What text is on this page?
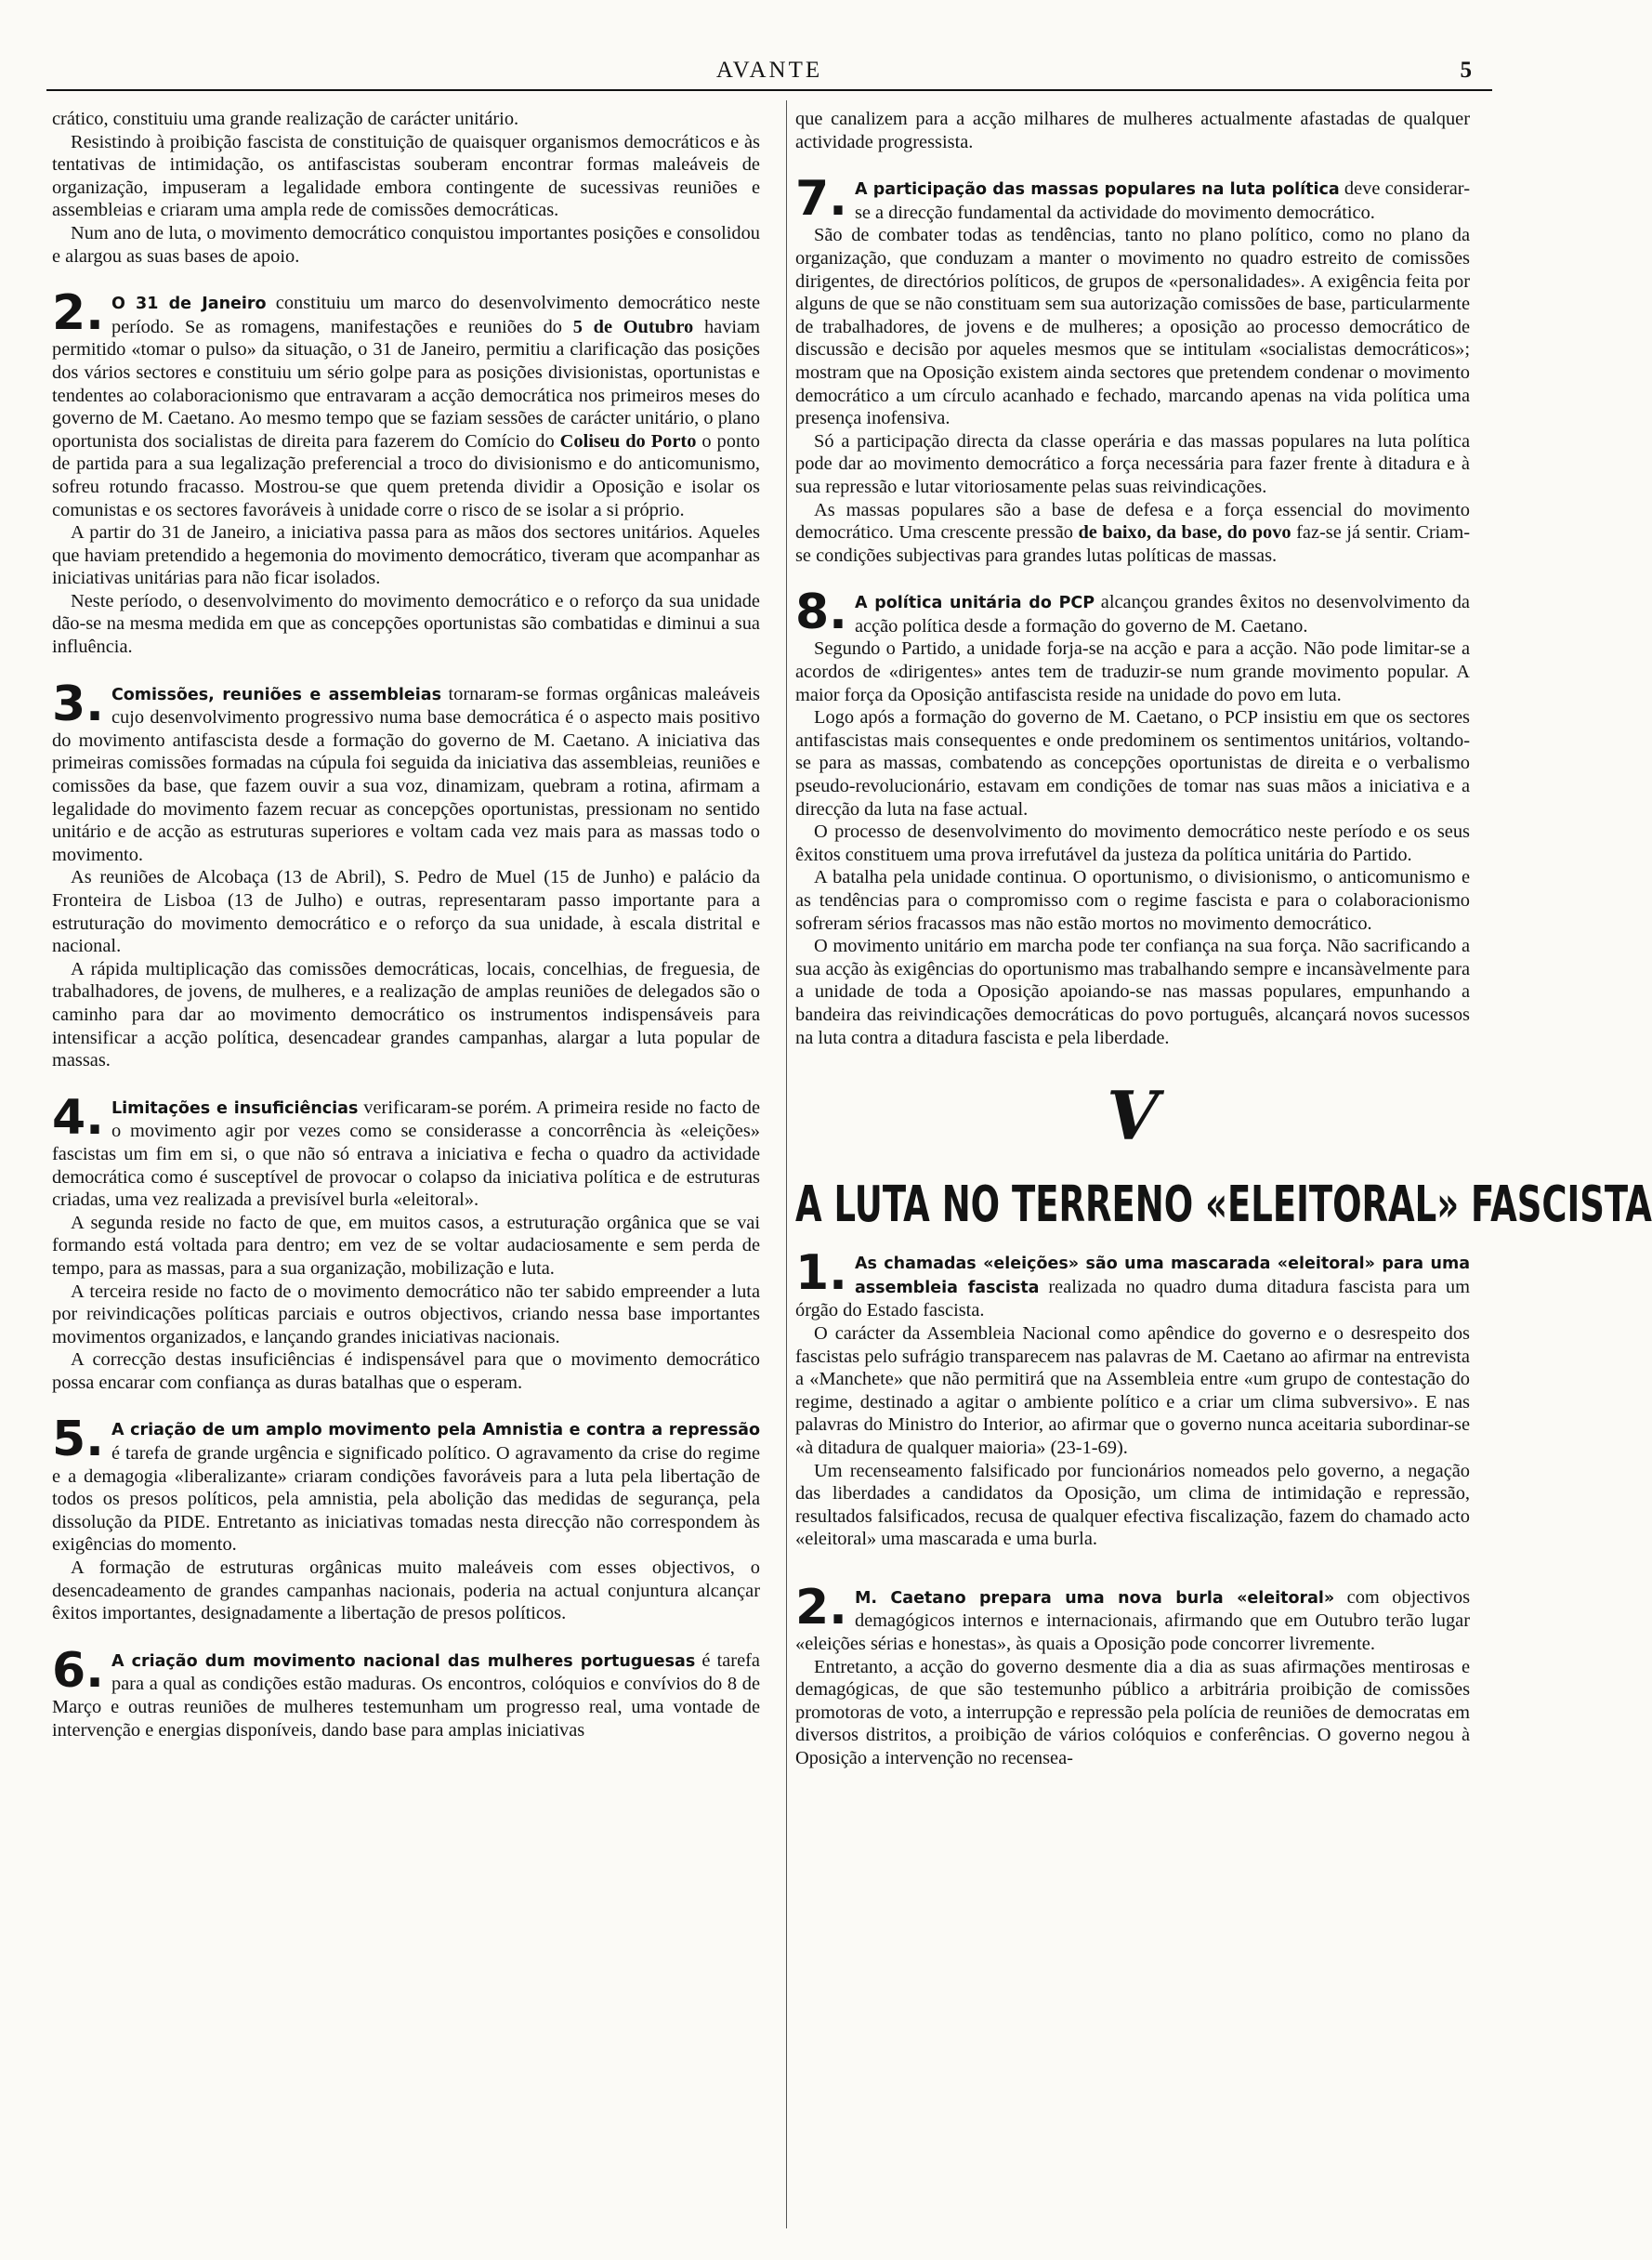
AVANTE	5

crático, constituiu uma grande realização de carácter unitário.

Resistindo à proibição fascista de constituição de quaisquer organismos democráticos e às tentativas de intimidação, os antifascistas souberam encontrar formas maleáveis de organização, impuseram a legalidade embora contingente de sucessivas reuniões e assembleias e criaram uma ampla rede de comissões democráticas.

Num ano de luta, o movimento democrático conquistou importantes posições e consolidou e alargou as suas bases de apoio.

2. O 31 de Janeiro constituiu um marco do desenvolvimento democrático neste período. Se as romagens, manifestações e reuniões do 5 de Outubro haviam permitido «tomar o pulso» da situação, o 31 de Janeiro, permitiu a clarificação das posições dos vários sectores e constituiu um sério golpe para as posições divisionistas, oportunistas e tendentes ao colaboracionismo que entravaram a acção democrática nos primeiros meses do governo de M. Caetano. Ao mesmo tempo que se faziam sessões de carácter unitário, o plano oportunista dos socialistas de direita para fazerem do Comício do Coliseu do Porto o ponto de partida para a sua legalização preferencial a troco do divisionismo e do anticomunismo, sofreu rotundo fracasso. Mostrou-se que quem pretenda dividir a Oposição e isolar os comunistas e os sectores favoráveis à unidade corre o risco de se isolar a si próprio.

A partir do 31 de Janeiro, a iniciativa passa para as mãos dos sectores unitários. Aqueles que haviam pretendido a hegemonia do movimento democrático, tiveram que acompanhar as iniciativas unitárias para não ficar isolados.

Neste período, o desenvolvimento do movimento democrático e o reforço da sua unidade dão-se na mesma medida em que as concepções oportunistas são combatidas e diminui a sua influência.

3. Comissões, reuniões e assembleias tornaram-se formas orgânicas maleáveis cujo desenvolvimento progressivo numa base democrática é o aspecto mais positivo do movimento antifascista desde a formação do governo de M. Caetano. A iniciativa das primeiras comissões formadas na cúpula foi seguida da iniciativa das assembleias, reuniões e comissões da base, que fazem ouvir a sua voz, dinamizam, quebram a rotina, afirmam a legalidade do movimento fazem recuar as concepções oportunistas, pressionam no sentido unitário e de acção as estruturas superiores e voltam cada vez mais para as massas todo o movimento.

As reuniões de Alcobaça (13 de Abril), S. Pedro de Muel (15 de Junho) e palácio da Fronteira de Lisboa (13 de Julho) e outras, representaram passo importante para a estruturação do movimento democrático e o reforço da sua unidade, à escala distrital e nacional.

A rápida multiplicação das comissões democráticas, locais, concelhias, de freguesia, de trabalhadores, de jovens, de mulheres, e a realização de amplas reuniões de delegados são o caminho para dar ao movimento democrático os instrumentos indispensáveis para intensificar a acção política, desencadear grandes campanhas, alargar a luta popular de massas.

4. Limitações e insuficiências verificaram-se porém. A primeira reside no facto de o movimento agir por vezes como se considerasse a concorrência às «eleições» fascistas um fim em si, o que não só entrava a iniciativa e fecha o quadro da actividade democrática como é susceptível de provocar o colapso da iniciativa política e de estruturas criadas, uma vez realizada a previsível burla «eleitoral».

A segunda reside no facto de que, em muitos casos, a estruturação orgânica que se vai formando está voltada para dentro; em vez de se voltar audaciosamente e sem perda de tempo, para as massas, para a sua organização, mobilização e luta.

A terceira reside no facto de o movimento democrático não ter sabido empreender a luta por reivindicações políticas parciais e outros objectivos, criando nessa base importantes movimentos organizados, e lançando grandes iniciativas nacionais.

A correcção destas insuficiências é indispensável para que o movimento democrático possa encarar com confiança as duras batalhas que o esperam.

5. A criação de um amplo movimento pela Amnistia e contra a repressão é tarefa de grande urgência e significado político. O agravamento da crise do regime e a demagogia «liberalizante» criaram condições favoráveis para a luta pela libertação de todos os presos políticos, pela amnistia, pela abolição das medidas de segurança, pela dissolução da PIDE. Entretanto as iniciativas tomadas nesta direcção não correspondem às exigências do momento.

A formação de estruturas orgânicas muito maleáveis com esses objectivos, o desencadeamento de grandes campanhas nacionais, poderia na actual conjuntura alcançar êxitos importantes, designadamente a libertação de presos políticos.

6. A criação dum movimento nacional das mulheres portuguesas é tarefa para a qual as condições estão maduras. Os encontros, colóquios e convívios do 8 de Março e outras reuniões de mulheres testemunham um progresso real, uma vontade de intervenção e energias disponíveis, dando base para amplas iniciativas

que canalizem para a acção milhares de mulheres actualmente afastadas de qualquer actividade progressista.

7. A participação das massas populares na luta política deve considerar-se a direcção fundamental da actividade do movimento democrático.

São de combater todas as tendências, tanto no plano político, como no plano da organização, que conduzam a manter o movimento no quadro estreito de comissões dirigentes, de directórios políticos, de grupos de «personalidades». A exigência feita por alguns de que se não constituam sem sua autorização comissões de base, particularmente de trabalhadores, de jovens e de mulheres; a oposição ao processo democrático de discussão e decisão por aqueles mesmos que se intitulam «socialistas democráticos»; mostram que na Oposição existem ainda sectores que pretendem condenar o movimento democrático a um círculo acanhado e fechado, marcando apenas na vida política uma presença inofensiva.

Só a participação directa da classe operária e das massas populares na luta política pode dar ao movimento democrático a força necessária para fazer frente à ditadura e à sua repressão e lutar vitoriosamente pelas suas reivindicações.

As massas populares são a base de defesa e a força essencial do movimento democrático. Uma crescente pressão de baixo, da base, do povo faz-se já sentir. Criam-se condições subjectivas para grandes lutas políticas de massas.

8. A política unitária do PCP alcançou grandes êxitos no desenvolvimento da acção política desde a formação do governo de M. Caetano.

Segundo o Partido, a unidade forja-se na acção e para a acção. Não pode limitar-se a acordos de «dirigentes» antes tem de traduzir-se num grande movimento popular. A maior força da Oposição antifascista reside na unidade do povo em luta.

Logo após a formação do governo de M. Caetano, o PCP insistiu em que os sectores antifascistas mais consequentes e onde predominem os sentimentos unitários, voltando-se para as massas, combatendo as concepções oportunistas de direita e o verbalismo pseudo-revolucionário, estavam em condições de tomar nas suas mãos a iniciativa e a direcção da luta na fase actual.

O processo de desenvolvimento do movimento democrático neste período e os seus êxitos constituem uma prova irrefutável da justeza da política unitária do Partido.

A batalha pela unidade continua. O oportunismo, o divisionismo, o anticomunismo e as tendências para o compromisso com o regime fascista e para o colaboracionismo sofreram sérios fracassos mas não estão mortos no movimento democrático.

O movimento unitário em marcha pode ter confiança na sua força. Não sacrificando a sua acção às exigências do oportunismo mas trabalhando sempre e incansàvelmente para a unidade de toda a Oposição apoiando-se nas massas populares, empunhando a bandeira das reivindicações democráticas do povo português, alcançará novos sucessos na luta contra a ditadura fascista e pela liberdade.

V
A LUTA NO TERRENO «ELEITORAL» FASCISTA

1. As chamadas «eleições» são uma mascarada «eleitoral» para uma assembleia fascista realizada no quadro duma ditadura fascista para um órgão do Estado fascista.

O carácter da Assembleia Nacional como apêndice do governo e o desrespeito dos fascistas pelo sufrágio transparecem nas palavras de M. Caetano ao afirmar na entrevista a «Manchete» que não permitirá que na Assembleia entre «um grupo de contestação do regime, destinado a agitar o ambiente político e a criar um clima subversivo». E nas palavras do Ministro do Interior, ao afirmar que o governo nunca aceitaria subordinar-se «à ditadura de qualquer maioria» (23-1-69).

Um recenseamento falsificado por funcionários nomeados pelo governo, a negação das liberdades a candidatos da Oposição, um clima de intimidação e repressão, resultados falsificados, recusa de qualquer efectiva fiscalização, fazem do chamado acto «eleitoral» uma mascarada e uma burla.

2. M. Caetano prepara uma nova burla «eleitoral» com objectivos demagógicos internos e internacionais, afirmando que em Outubro terão lugar «eleições sérias e honestas», às quais a Oposição pode concorrer livremente.

Entretanto, a acção do governo desmente dia a dia as suas afirmações mentirosas e demagógicas, de que são testemunho público a arbitrária proibição de comissões promotoras de voto, a interrupção e repressão pela polícia de reuniões de democratas em diversos distritos, a proibição de vários colóquios e conferências. O governo negou à Oposição a intervenção no recensea-
